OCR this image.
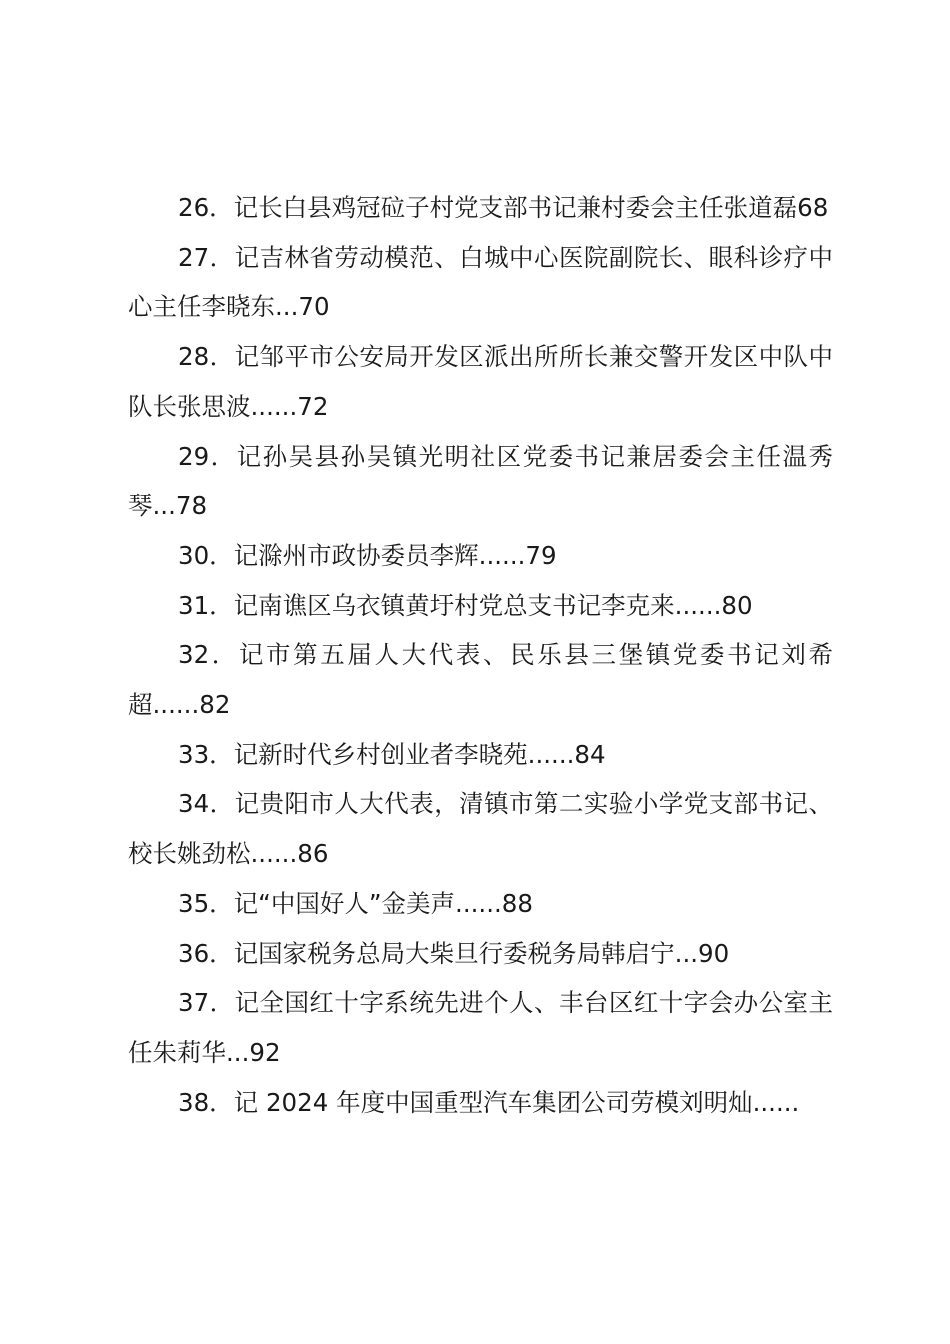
26．记长白县鸡冠砬子村党支部书记兼村委会主任张道磊68

27．记吉林省劳动模范、白城中心医院副院长、眼科诊疗中心主任李晓东...70

28．记邹平市公安局开发区派出所所长兼交警开发区中队中队长张思波......72

29．记孙吴县孙吴镇光明社区党委书记兼居委会主任温秀琴...78

30．记滁州市政协委员李辉......79

31．记南谯区乌衣镇黄圩村党总支书记李克来......80

32．记市第五届人大代表、民乐县三堡镇党委书记刘希超......82

33．记新时代乡村创业者李晓苑......84

34．记贵阳市人大代表，清镇市第二实验小学党支部书记、校长姚劲松......86

35．记“中国好人”金美声......88

36．记国家税务总局大柴旦行委税务局韩启宁...90

37．记全国红十字系统先进个人、丰台区红十字会办公室主任朱莉华...92

38．记 2024 年度中国重型汽车集团公司劳模刘明灿......
